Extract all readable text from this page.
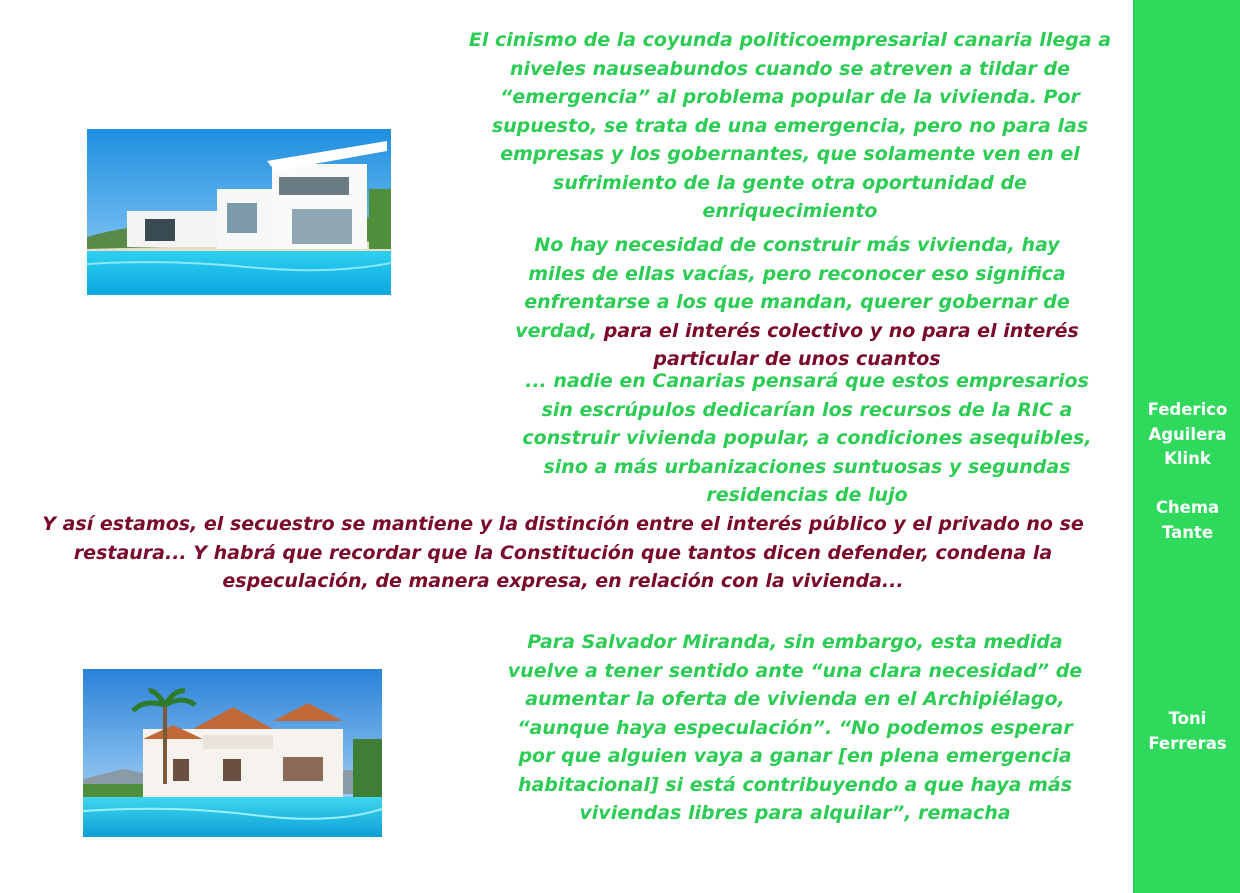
El cinismo de la coyunda politicoempresarial canaria llega a niveles nauseabundos cuando se atreven a tildar de “emergencia” al problema popular de la vivienda. Por supuesto, se trata de una emergencia, pero no para las empresas y los gobernantes, que solamente ven en el sufrimiento de la gente otra oportunidad de enriquecimiento

No hay necesidad de construir más vivienda, hay miles de ellas vacías, pero reconocer eso significa enfrentarse a los que mandan, querer gobernar de verdad, para el interés colectivo y no para el interés particular de unos cuantos

... nadie en Canarias pensará que estos empresarios sin escrúpulos dedicarían los recursos de la RIC a construir vivienda popular, a condiciones asequibles, sino a más urbanizaciones suntuosas y segundas residencias de lujo

Y así estamos, el secuestro se mantiene y la distinción entre el interés público y el privado no se restaura... Y habrá que recordar que la Constitución que tantos dicen defender, condena la especulación, de manera expresa, en relación con la vivienda...

Para Salvador Miranda, sin embargo, esta medida vuelve a tener sentido ante “una clara necesidad” de aumentar la oferta de vivienda en el Archipiélago, “aunque haya especulación”. “No podemos esperar por que alguien vaya a ganar [en plena emergencia habitacional] si está contribuyendo a que haya más viviendas libres para alquilar”, remacha

Federico
Aguilera
Klink
Chema
Tante
Toni
Ferreras
